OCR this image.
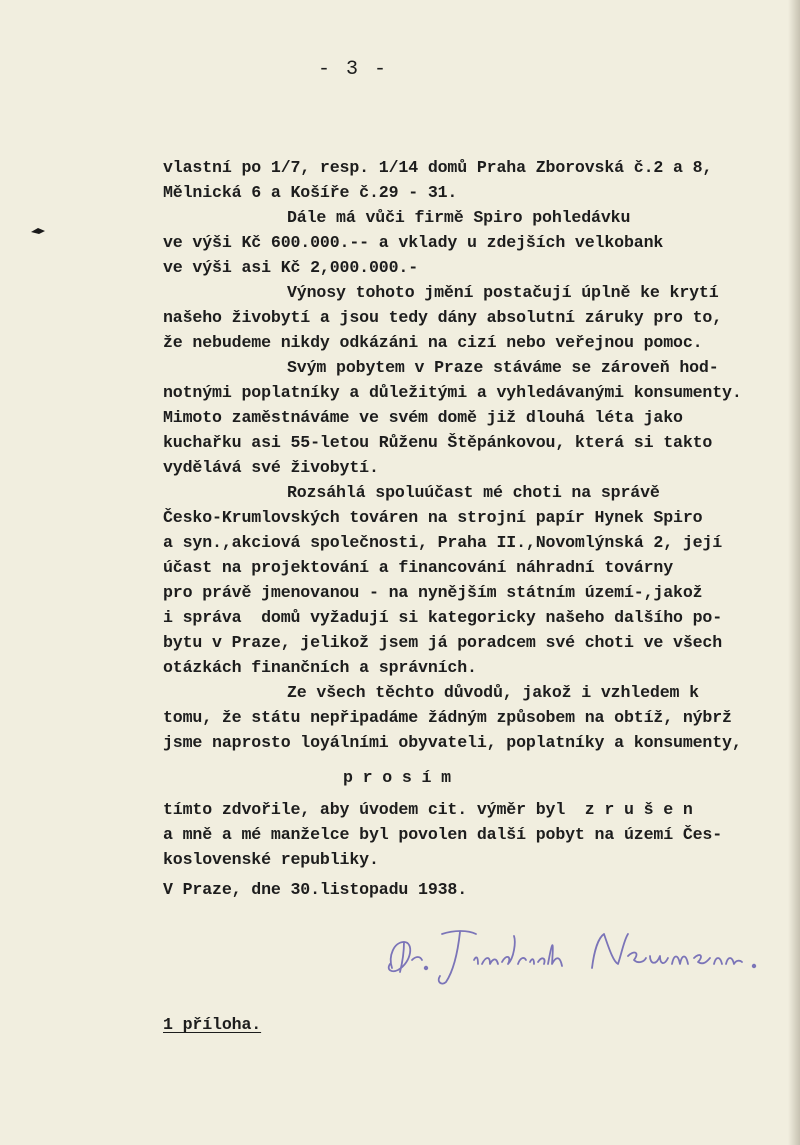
- 3 -
vlastní po 1/7, resp. 1/14 domů Praha Zborovská č.2 a 8,
Mělnická 6 a Košíře č.29 - 31.
Dále má vůči firmě Spiro pohledávku
ve výši Kč 600.000.-- a vklady u zdejších velkobank
ve výši asi Kč 2,000.000.-
Výnosy tohoto jmění postačují úplně ke krytí
našeho živobytí a jsou tedy dány absolutní záruky pro to,
že nebudeme nikdy odkázáni na cizí nebo veřejnou pomoc.
Svým pobytem v Praze stáváme se zároveň hod-
notnými poplatníky a důležitými a vyhledávanými konsumenty.
Mimoto zaměstnáváme ve svém domě již dlouhá léta jako
kuchařku asi 55-letou Růženu Štěpánkovou, která si takto
vydělává své živobytí.
Rozsáhlá spoluúčast mé choti na správě
Česko-Krumlovských továren na strojní papír Hynek Spiro
a syn.,akciová společnosti, Praha II.,Novomlýnská 2, její
účast na projektování a financování náhradní továrny
pro právě jmenovanou - na nynějším státním území-,jakož
i správa  domů vyžadují si kategoricky našeho dalšího po-
bytu v Praze, jelikož jsem já poradcem své choti ve všech
otázkách finančních a správních.
Ze všech těchto důvodů, jakož i vzhledem k
tomu, že státu nepřipadáme žádným způsobem na obtíž, nýbrž
jsme naprosto loyálními obyvateli, poplatníky a konsumenty,
p r o s í m
tímto zdvořile, aby úvodem cit. výměr byl  z r u š e n
a mně a mé manželce byl povolen další pobyt na území Čes-
koslovenské republiky.
V Praze, dne 30.listopadu 1938.
1 příloha.
